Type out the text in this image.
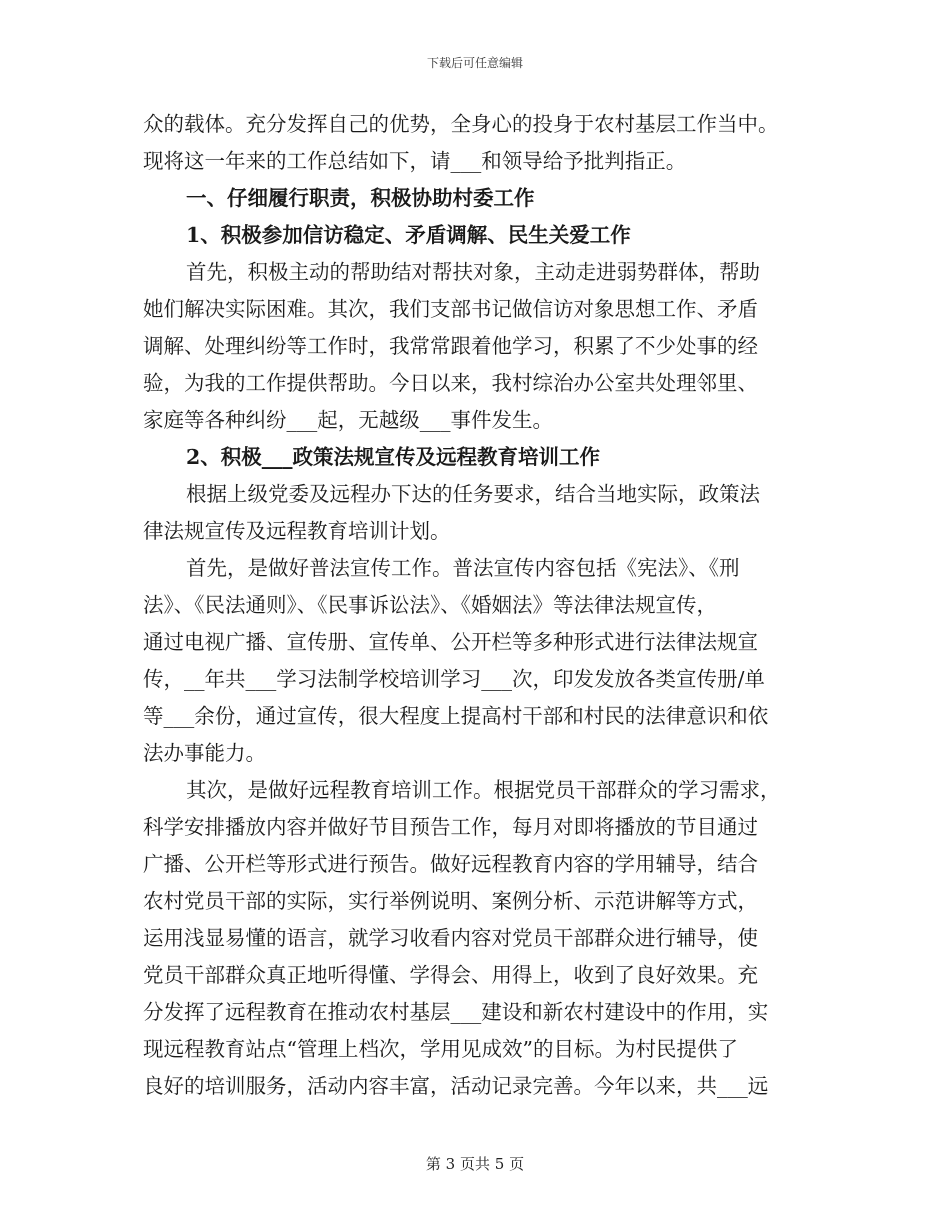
下载后可任意编辑
众的载体。充分发挥自己的优势，全身心的投身于农村基层工作当中。
现将这一年来的工作总结如下，请___和领导给予批判指正。
一、仔细履行职责，积极协助村委工作
1、积极参加信访稳定、矛盾调解、民生关爱工作
首先，积极主动的帮助结对帮扶对象，主动走进弱势群体，帮助
她们解决实际困难。其次，我们支部书记做信访对象思想工作、矛盾
调解、处理纠纷等工作时，我常常跟着他学习，积累了不少处事的经
验，为我的工作提供帮助。今日以来，我村综治办公室共处理邻里、
家庭等各种纠纷___起，无越级___事件发生。
2、积极___政策法规宣传及远程教育培训工作
根据上级党委及远程办下达的任务要求，结合当地实际，政策法
律法规宣传及远程教育培训计划。
首先，是做好普法宣传工作。普法宣传内容包括《宪法》、《刑
法》、《民法通则》、《民事诉讼法》、《婚姻法》等法律法规宣传，
通过电视广播、宣传册、宣传单、公开栏等多种形式进行法律法规宣
传，__年共___学习法制学校培训学习___次，印发发放各类宣传册/单
等___余份，通过宣传，很大程度上提高村干部和村民的法律意识和依
法办事能力。
其次，是做好远程教育培训工作。根据党员干部群众的学习需求，
科学安排播放内容并做好节目预告工作，每月对即将播放的节目通过
广播、公开栏等形式进行预告。做好远程教育内容的学用辅导，结合
农村党员干部的实际，实行举例说明、案例分析、示范讲解等方式，
运用浅显易懂的语言，就学习收看内容对党员干部群众进行辅导，使
党员干部群众真正地听得懂、学得会、用得上，收到了良好效果。充
分发挥了远程教育在推动农村基层___建设和新农村建设中的作用，实
现远程教育站点“管理上档次，学用见成效”的目标。为村民提供了
良好的培训服务，活动内容丰富，活动记录完善。今年以来，共___远
第 3 页共 5 页
